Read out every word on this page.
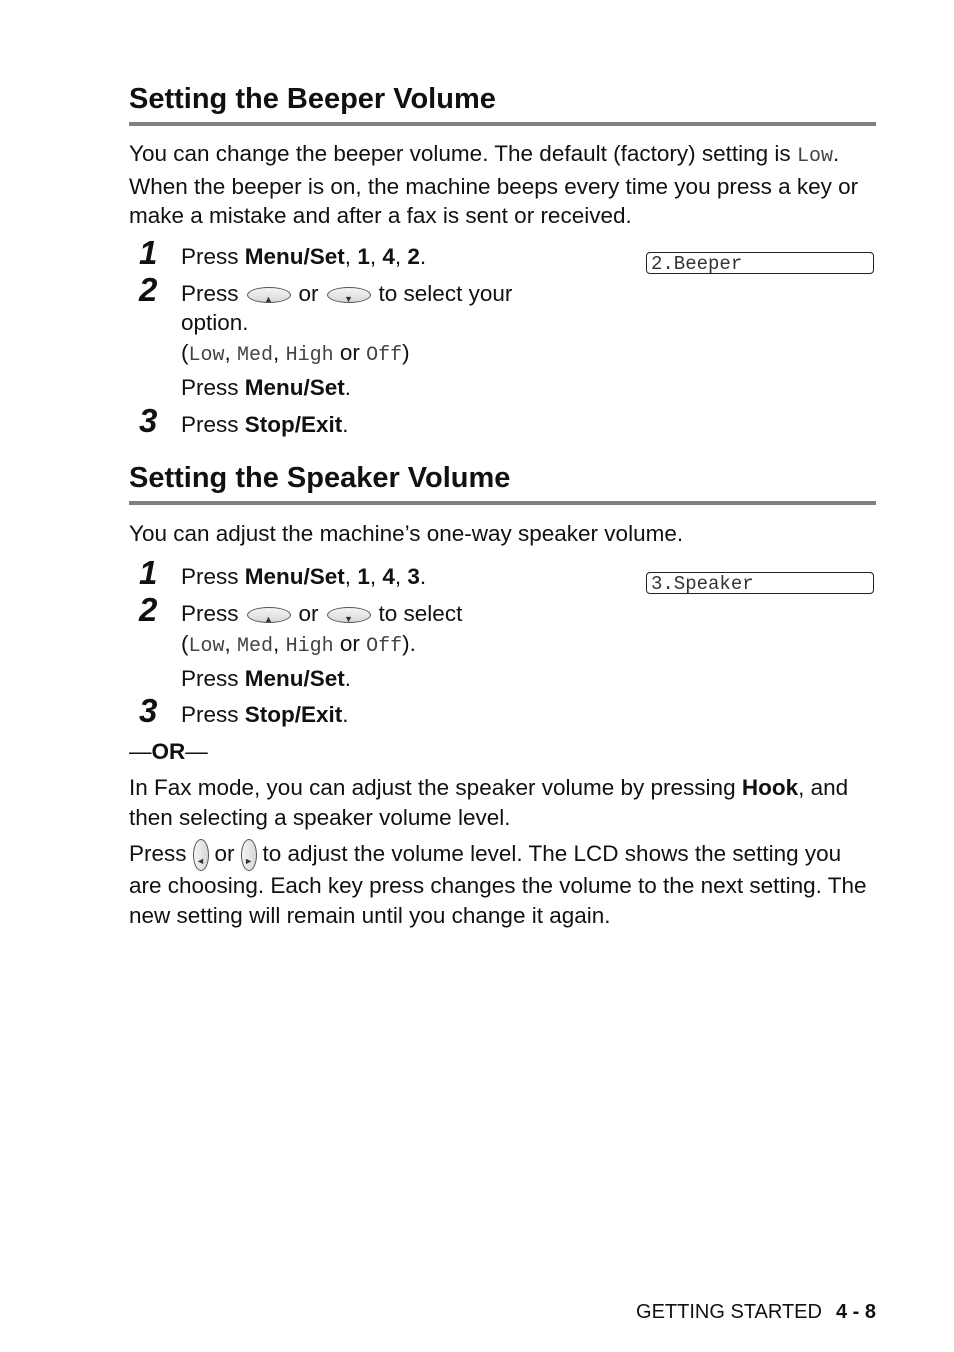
Setting the Beeper Volume
You can change the beeper volume. The default (factory) setting is Low. When the beeper is on, the machine beeps every time you press a key or make a mistake and after a fax is sent or received.
2.Beeper
1 Press Menu/Set, 1, 4, 2.
2 Press	▲	or	▼	to select your
option.
(Low, Med, High or Off)
Press Menu/Set.
3 Press Stop/Exit.
Setting the Speaker Volume
You can adjust the machine’s one-way speaker volume.
3.Speaker
1 Press Menu/Set, 1, 4, 3.
2 Press	▲	or	▼	to select
(Low, Med, High or Off).
Press Menu/Set.
3 Press Stop/Exit.
—OR—
In Fax mode, you can adjust the speaker volume by pressing Hook, and then selecting a speaker volume level.
Press ◄ or ► to adjust the volume level. The LCD shows the setting you are choosing. Each key press changes the volume to the next setting. The new setting will remain until you change it again.
GETTING STARTED 4 - 8
